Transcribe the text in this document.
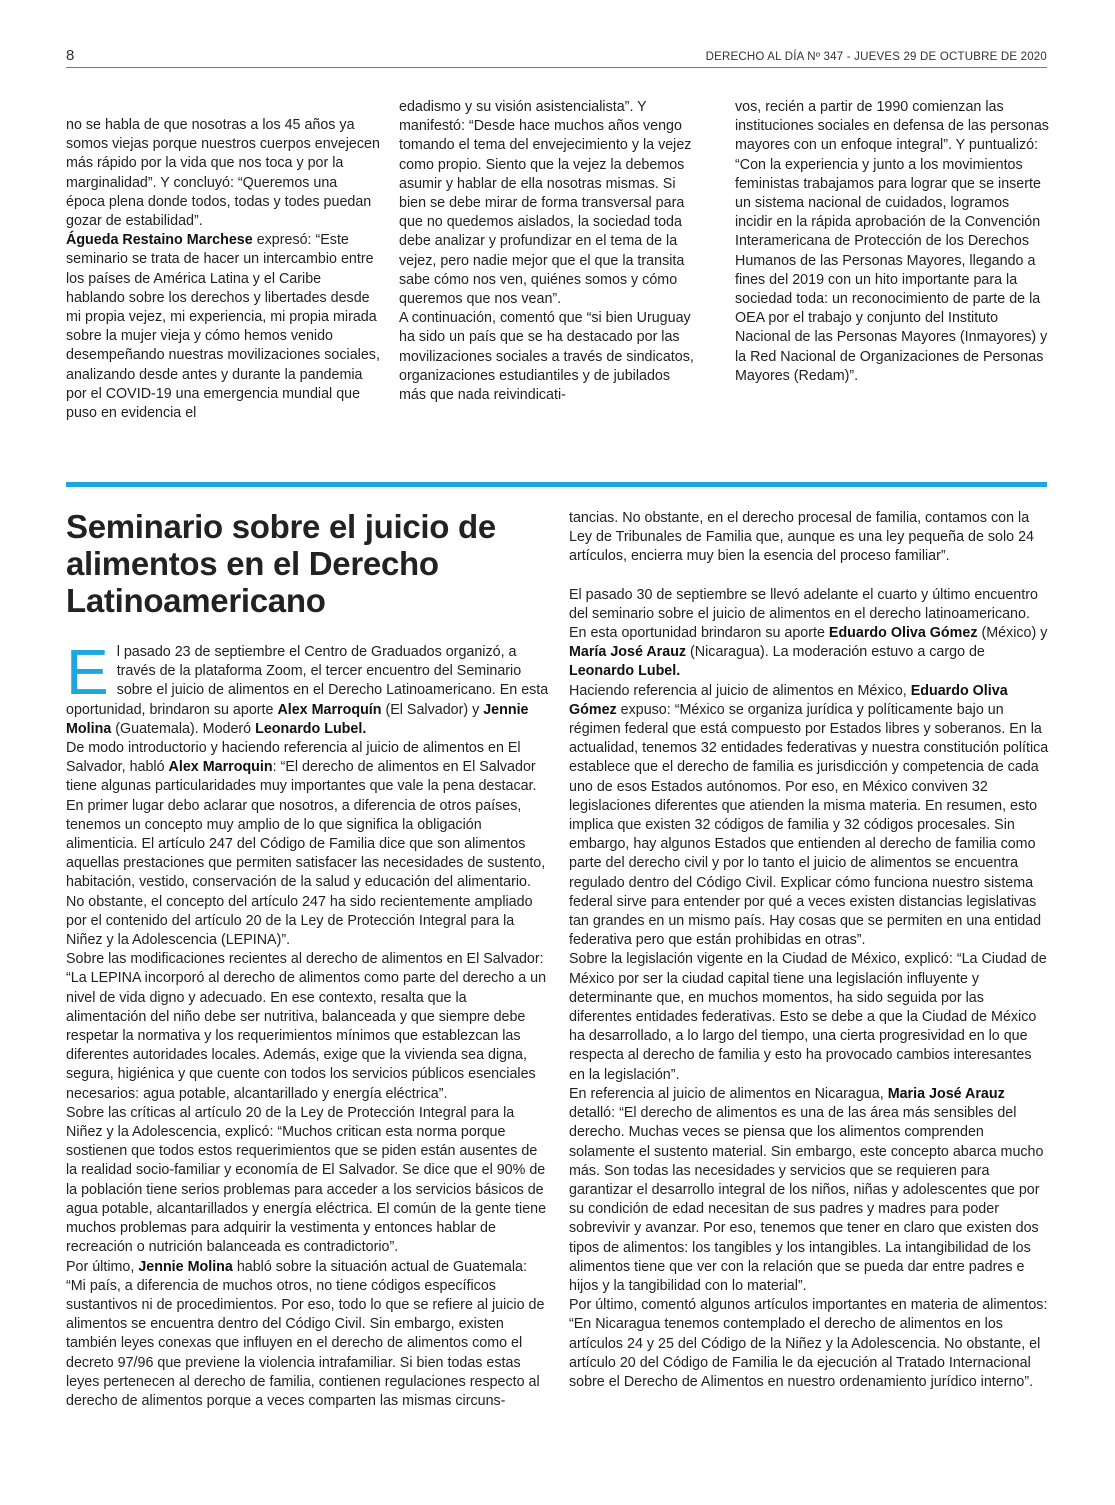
8	DERECHO AL DÍA Nº 347 - JUEVES 29 DE OCTUBRE DE 2020

no se habla de que nosotras a los 45 años ya somos viejas porque nuestros cuerpos envejecen más rápido por la vida que nos toca y por la marginalidad”. Y concluyó: “Queremos una época plena donde todos, todas y todes puedan gozar de estabilidad”.

Águeda Restaino Marchese expresó: “Este seminario se trata de hacer un intercambio entre los países de América Latina y el Caribe hablando sobre los derechos y libertades desde mi propia vejez, mi experiencia, mi propia mirada sobre la mujer vieja y cómo hemos venido desempeñando nuestras movilizaciones sociales, analizando desde antes y durante la pandemia por el COVID-19 una emergencia mundial que puso en evidencia el

edadismo y su visión asistencialista”. Y manifestó: “Desde hace muchos años vengo tomando el tema del envejecimiento y la vejez como propio. Siento que la vejez la debemos asumir y hablar de ella nosotras mismas. Si bien se debe mirar de forma transversal para que no quedemos aislados, la sociedad toda debe analizar y profundizar en el tema de la vejez, pero nadie mejor que el que la transita sabe cómo nos ven, quiénes somos y cómo queremos que nos vean”.

A continuación, comentó que “si bien Uruguay ha sido un país que se ha destacado por las movilizaciones sociales a través de sindicatos, organizaciones estudiantiles y de jubilados más que nada reivindicati-

vos, recién a partir de 1990 comienzan las instituciones sociales en defensa de las personas mayores con un enfoque integral”. Y puntualizó: “Con la experiencia y junto a los movimientos feministas trabajamos para lograr que se inserte un sistema nacional de cuidados, logramos incidir en la rápida aprobación de la Convención Interamericana de Protección de los Derechos Humanos de las Personas Mayores, llegando a fines del 2019 con un hito importante para la sociedad toda: un reconocimiento de parte de la OEA por el trabajo y conjunto del Instituto Nacional de las Personas Mayores (Inmayores) y la Red Nacional de Organizaciones de Personas Mayores (Redam)”.

Seminario sobre el juicio de alimentos en el Derecho Latinoamericano

El pasado 23 de septiembre el Centro de Graduados organizó, a través de la plataforma Zoom, el tercer encuentro del Seminario sobre el juicio de alimentos en el Derecho Latinoamericano. En esta oportunidad, brindaron su aporte Alex Marroquín (El Salvador) y Jennie Molina (Guatemala). Moderó Leonardo Lubel.

De modo introductorio y haciendo referencia al juicio de alimentos en El Salvador, habló Alex Marroquin: “El derecho de alimentos en El Salvador tiene algunas particularidades muy importantes que vale la pena destacar. En primer lugar debo aclarar que nosotros, a diferencia de otros países, tenemos un concepto muy amplio de lo que significa la obligación alimenticia. El artículo 247 del Código de Familia dice que son alimentos aquellas prestaciones que permiten satisfacer las necesidades de sustento, habitación, vestido, conservación de la salud y educación del alimentario. No obstante, el concepto del artículo 247 ha sido recientemente ampliado por el contenido del artículo 20 de la Ley de Protección Integral para la Niñez y la Adolescencia (LEPINA)”.

Sobre las modificaciones recientes al derecho de alimentos en El Salvador: “La LEPINA incorporó al derecho de alimentos como parte del derecho a un nivel de vida digno y adecuado. En ese contexto, resalta que la alimentación del niño debe ser nutritiva, balanceada y que siempre debe respetar la normativa y los requerimientos mínimos que establezcan las diferentes autoridades locales. Además, exige que la vivienda sea digna, segura, higiénica y que cuente con todos los servicios públicos esenciales necesarios: agua potable, alcantarillado y energía eléctrica”.

Sobre las críticas al artículo 20 de la Ley de Protección Integral para la Niñez y la Adolescencia, explicó: “Muchos critican esta norma porque sostienen que todos estos requerimientos que se piden están ausentes de la realidad socio-familiar y economía de El Salvador. Se dice que el 90% de la población tiene serios problemas para acceder a los servicios básicos de agua potable, alcantarillados y energía eléctrica. El común de la gente tiene muchos problemas para adquirir la vestimenta y entonces hablar de recreación o nutrición balanceada es contradictorio”.

Por último, Jennie Molina habló sobre la situación actual de Guatemala: “Mi país, a diferencia de muchos otros, no tiene códigos específicos sustantivos ni de procedimientos. Por eso, todo lo que se refiere al juicio de alimentos se encuentra dentro del Código Civil. Sin embargo, existen también leyes conexas que influyen en el derecho de alimentos como el decreto 97/96 que previene la violencia intrafamiliar. Si bien todas estas leyes pertenecen al derecho de familia, contienen regulaciones respecto al derecho de alimentos porque a veces comparten las mismas circuns-

tancias. No obstante, en el derecho procesal de familia, contamos con la Ley de Tribunales de Familia que, aunque es una ley pequeña de solo 24 artículos, encierra muy bien la esencia del proceso familiar”.

El pasado 30 de septiembre se llevó adelante el cuarto y último encuentro del seminario sobre el juicio de alimentos en el derecho latinoamericano. En esta oportunidad brindaron su aporte Eduardo Oliva Gómez (México) y María José Arauz (Nicaragua). La moderación estuvo a cargo de Leonardo Lubel.

Haciendo referencia al juicio de alimentos en México, Eduardo Oliva Gómez expuso: “México se organiza jurídica y políticamente bajo un régimen federal que está compuesto por Estados libres y soberanos. En la actualidad, tenemos 32 entidades federativas y nuestra constitución política establece que el derecho de familia es jurisdicción y competencia de cada uno de esos Estados autónomos. Por eso, en México conviven 32 legislaciones diferentes que atienden la misma materia. En resumen, esto implica que existen 32 códigos de familia y 32 códigos procesales. Sin embargo, hay algunos Estados que entienden al derecho de familia como parte del derecho civil y por lo tanto el juicio de alimentos se encuentra regulado dentro del Código Civil. Explicar cómo funciona nuestro sistema federal sirve para entender por qué a veces existen distancias legislativas tan grandes en un mismo país. Hay cosas que se permiten en una entidad federativa pero que están prohibidas en otras”.

Sobre la legislación vigente en la Ciudad de México, explicó: “La Ciudad de México por ser la ciudad capital tiene una legislación influyente y determinante que, en muchos momentos, ha sido seguida por las diferentes entidades federativas. Esto se debe a que la Ciudad de México ha desarrollado, a lo largo del tiempo, una cierta progresividad en lo que respecta al derecho de familia y esto ha provocado cambios interesantes en la legislación”.

En referencia al juicio de alimentos en Nicaragua, Maria José Arauz detalló: “El derecho de alimentos es una de las área más sensibles del derecho. Muchas veces se piensa que los alimentos comprenden solamente el sustento material. Sin embargo, este concepto abarca mucho más. Son todas las necesidades y servicios que se requieren para garantizar el desarrollo integral de los niños, niñas y adolescentes que por su condición de edad necesitan de sus padres y madres para poder sobrevivir y avanzar. Por eso, tenemos que tener en claro que existen dos tipos de alimentos: los tangibles y los intangibles. La intangibilidad de los alimentos tiene que ver con la relación que se pueda dar entre padres e hijos y la tangibilidad con lo material”.

Por último, comentó algunos artículos importantes en materia de alimentos: “En Nicaragua tenemos contemplado el derecho de alimentos en los artículos 24 y 25 del Código de la Niñez y la Adolescencia. No obstante, el artículo 20 del Código de Familia le da ejecución al Tratado Internacional sobre el Derecho de Alimentos en nuestro ordenamiento jurídico interno”.
